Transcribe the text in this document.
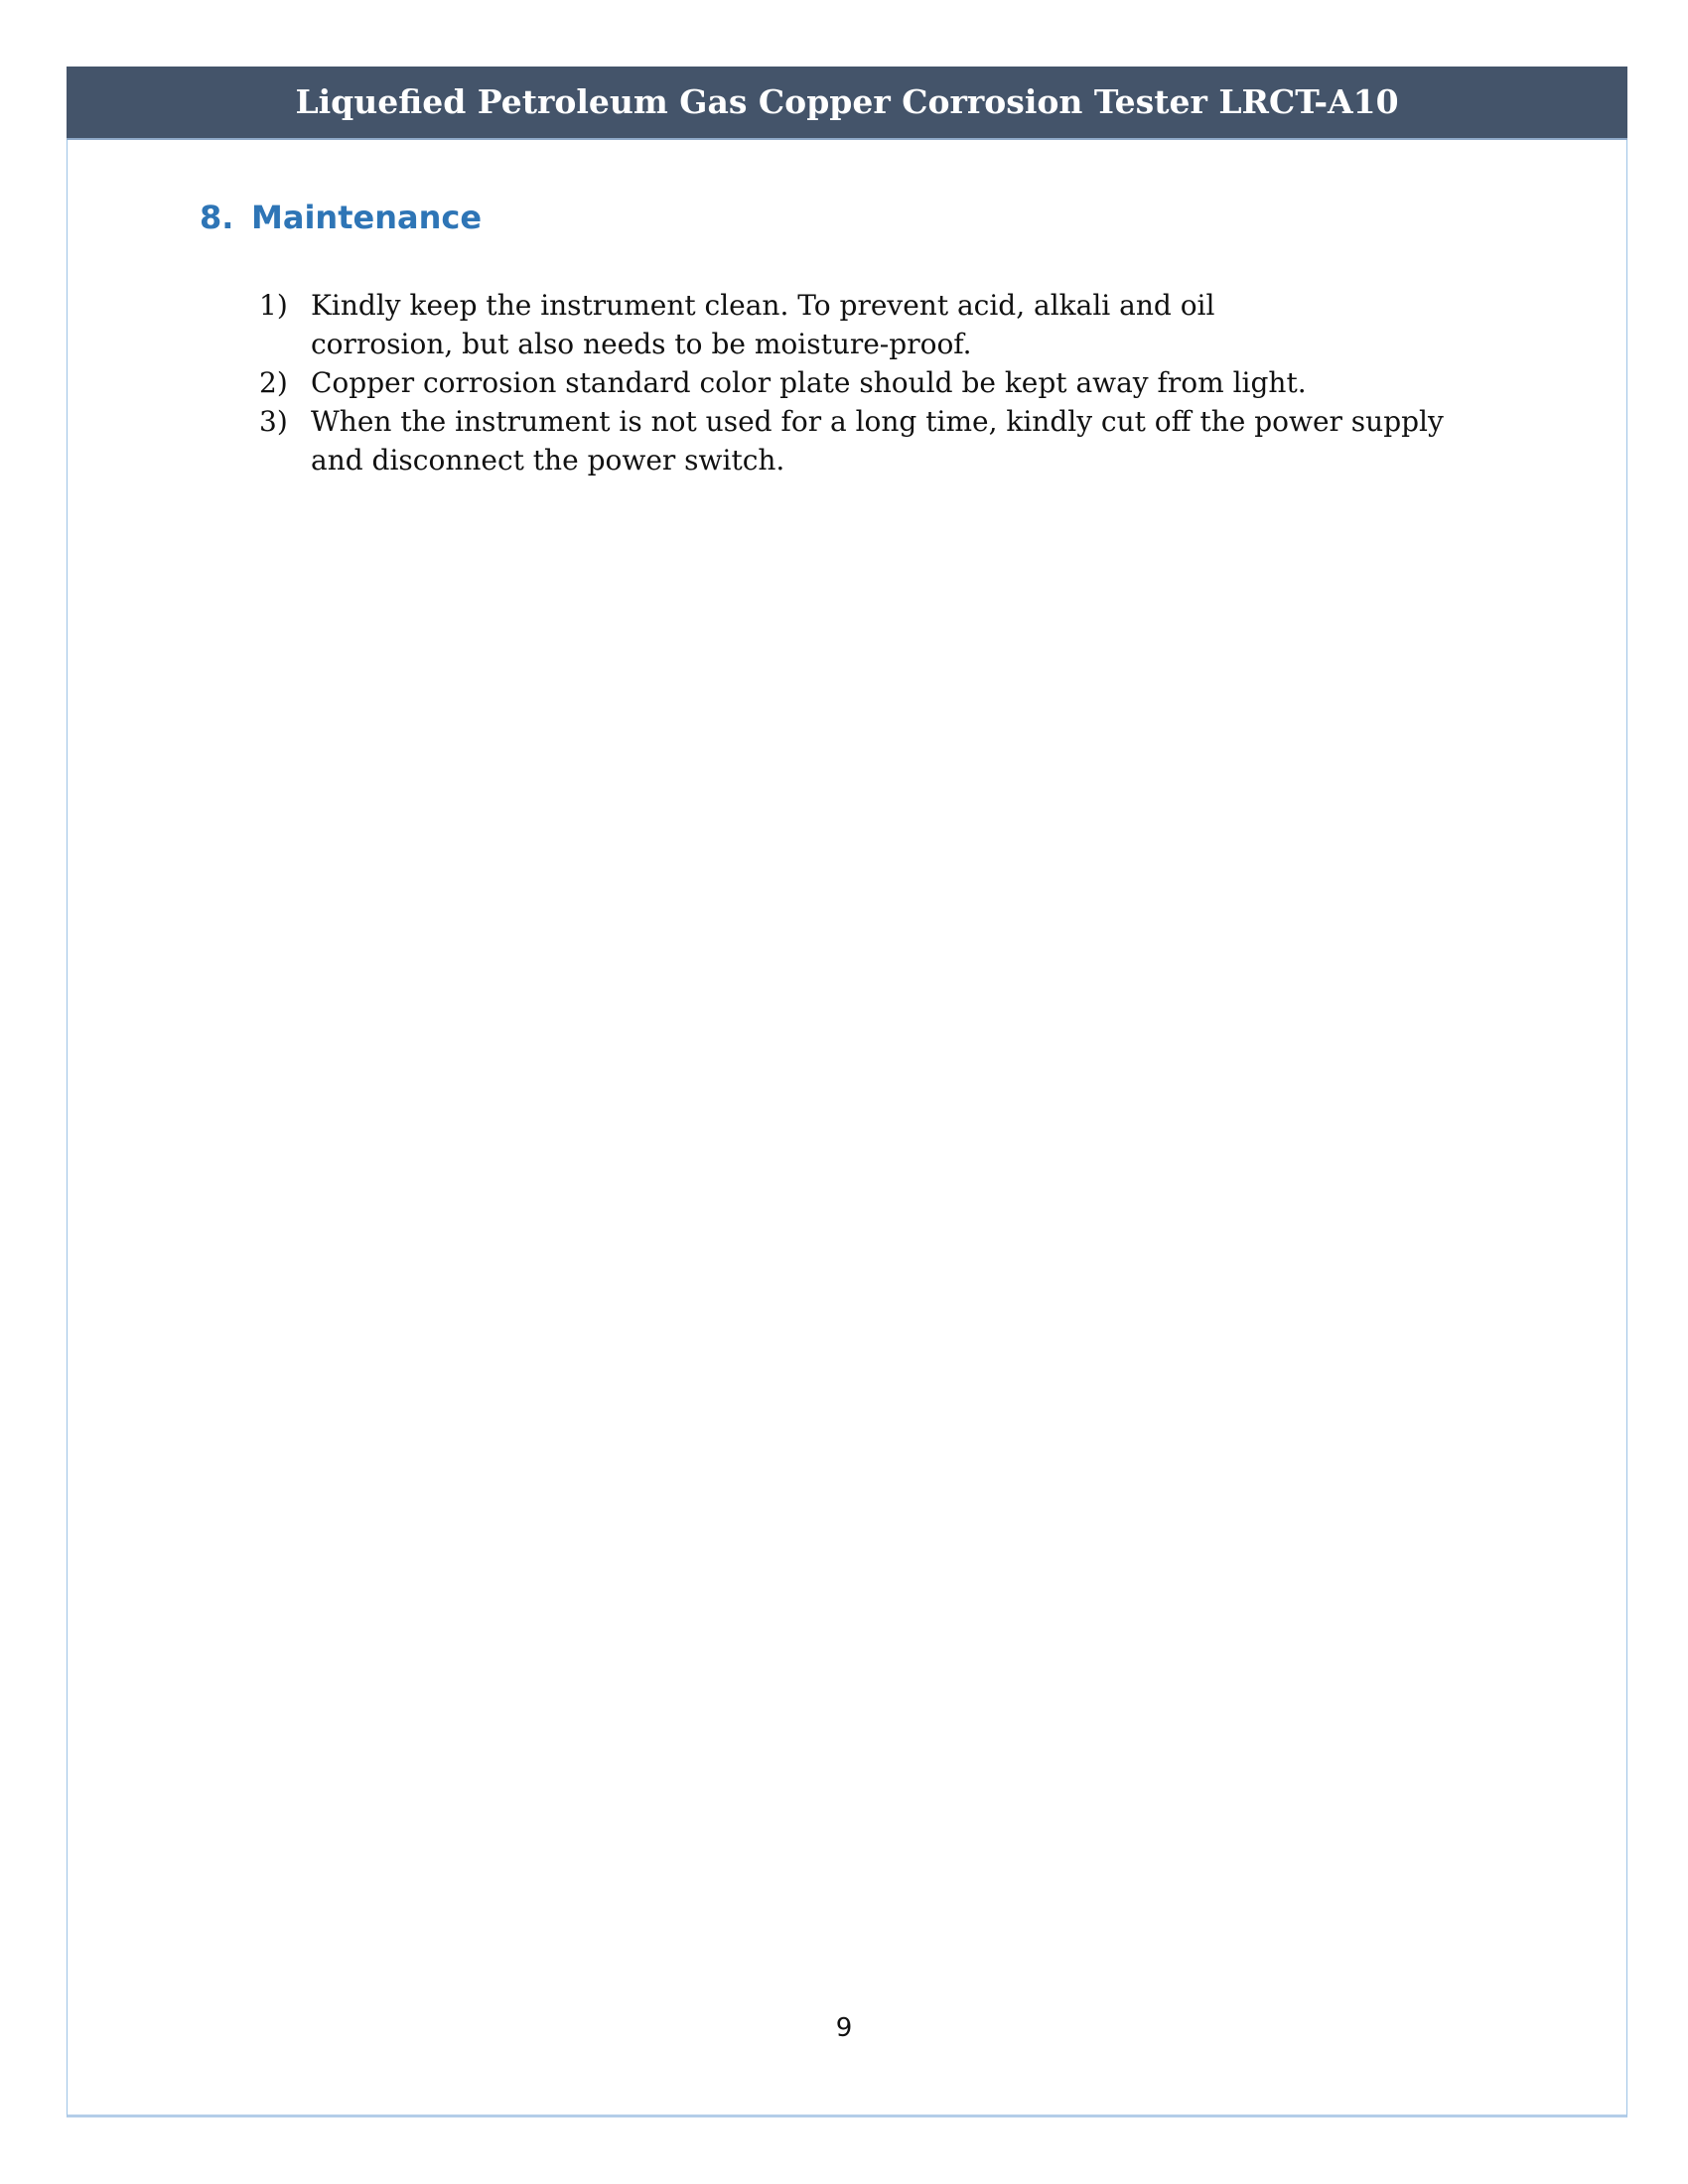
Liquefied Petroleum Gas Copper Corrosion Tester LRCT-A10
8. Maintenance
1) Kindly keep the instrument clean. To prevent acid, alkali and oil corrosion, but also needs to be moisture-proof.
2) Copper corrosion standard color plate should be kept away from light.
3) When the instrument is not used for a long time, kindly cut off the power supply and disconnect the power switch.
9
